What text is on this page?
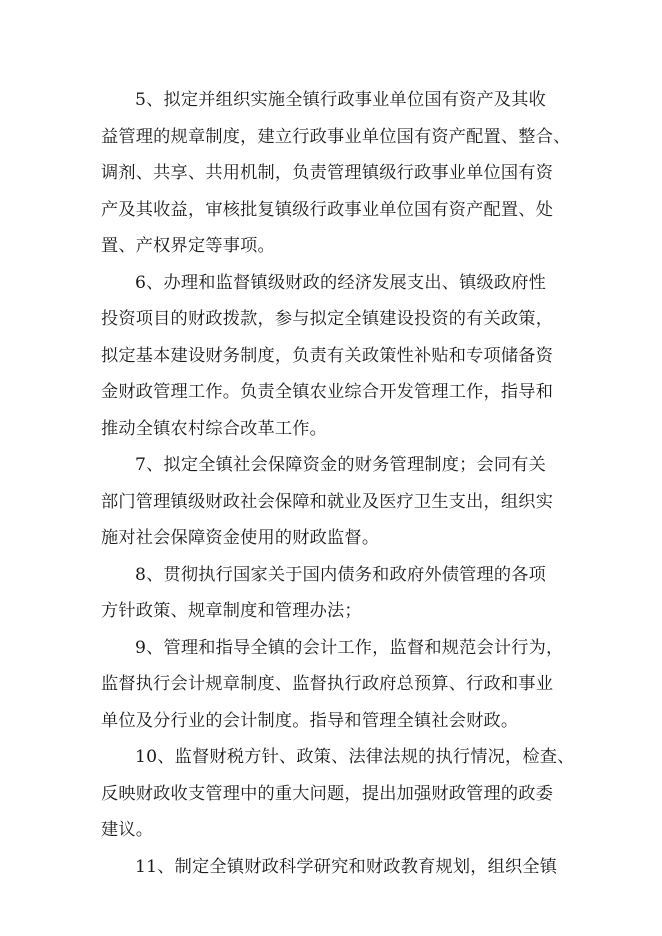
5、拟定并组织实施全镇行政事业单位国有资产及其收
益管理的规章制度，建立行政事业单位国有资产配置、整合、
调剂、共享、共用机制，负责管理镇级行政事业单位国有资
产及其收益，审核批复镇级行政事业单位国有资产配置、处
置、产权界定等事项。

6、办理和监督镇级财政的经济发展支出、镇级政府性
投资项目的财政拨款，参与拟定全镇建设投资的有关政策，
拟定基本建设财务制度，负责有关政策性补贴和专项储备资
金财政管理工作。负责全镇农业综合开发管理工作，指导和
推动全镇农村综合改革工作。

7、拟定全镇社会保障资金的财务管理制度；会同有关
部门管理镇级财政社会保障和就业及医疗卫生支出，组织实
施对社会保障资金使用的财政监督。

8、贯彻执行国家关于国内债务和政府外债管理的各项
方针政策、规章制度和管理办法；

9、管理和指导全镇的会计工作，监督和规范会计行为，
监督执行会计规章制度、监督执行政府总预算、行政和事业
单位及分行业的会计制度。指导和管理全镇社会财政。

10、监督财税方针、政策、法律法规的执行情况，检查、
反映财政收支管理中的重大问题，提出加强财政管理的政委
建议。

11、制定全镇财政科学研究和财政教育规划，组织全镇
